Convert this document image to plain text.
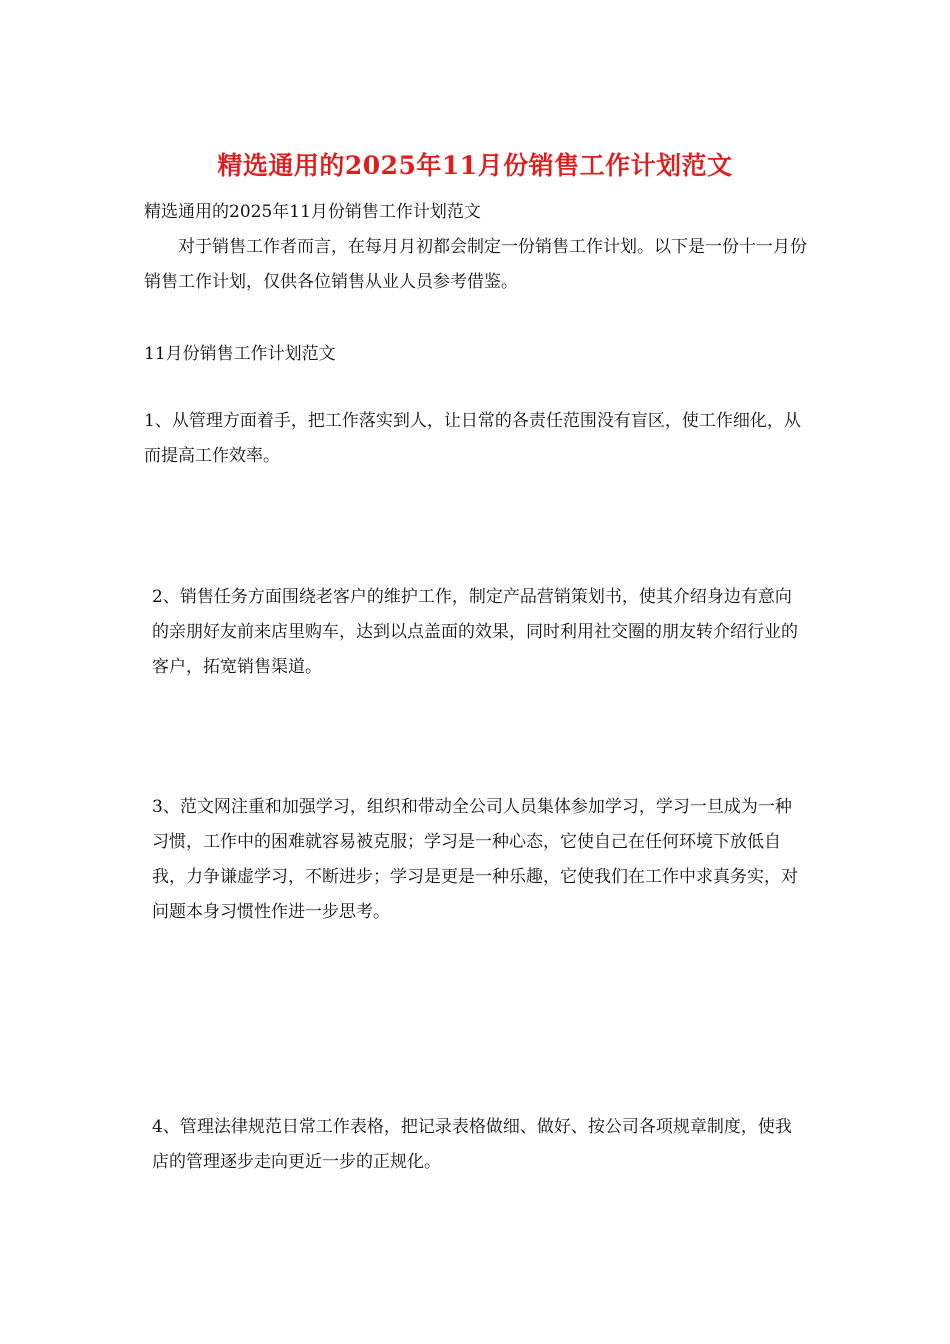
精选通用的2025年11月份销售工作计划范文

精选通用的2025年11月份销售工作计划范文

对于销售工作者而言，在每月月初都会制定一份销售工作计划。以下是一份十一月份销售工作计划，仅供各位销售从业人员参考借鉴。

11月份销售工作计划范文

1、从管理方面着手，把工作落实到人，让日常的各责任范围没有盲区，使工作细化，从而提高工作效率。

2、销售任务方面围绕老客户的维护工作，制定产品营销策划书，使其介绍身边有意向的亲朋好友前来店里购车，达到以点盖面的效果，同时利用社交圈的朋友转介绍行业的客户，拓宽销售渠道。

3、范文网注重和加强学习，组织和带动全公司人员集体参加学习，学习一旦成为一种习惯，工作中的困难就容易被克服；学习是一种心态，它使自己在任何环境下放低自我，力争谦虚学习，不断进步；学习是更是一种乐趣，它使我们在工作中求真务实，对问题本身习惯性作进一步思考。

4、管理法律规范日常工作表格，把记录表格做细、做好、按公司各项规章制度，使我店的管理逐步走向更近一步的正规化。
